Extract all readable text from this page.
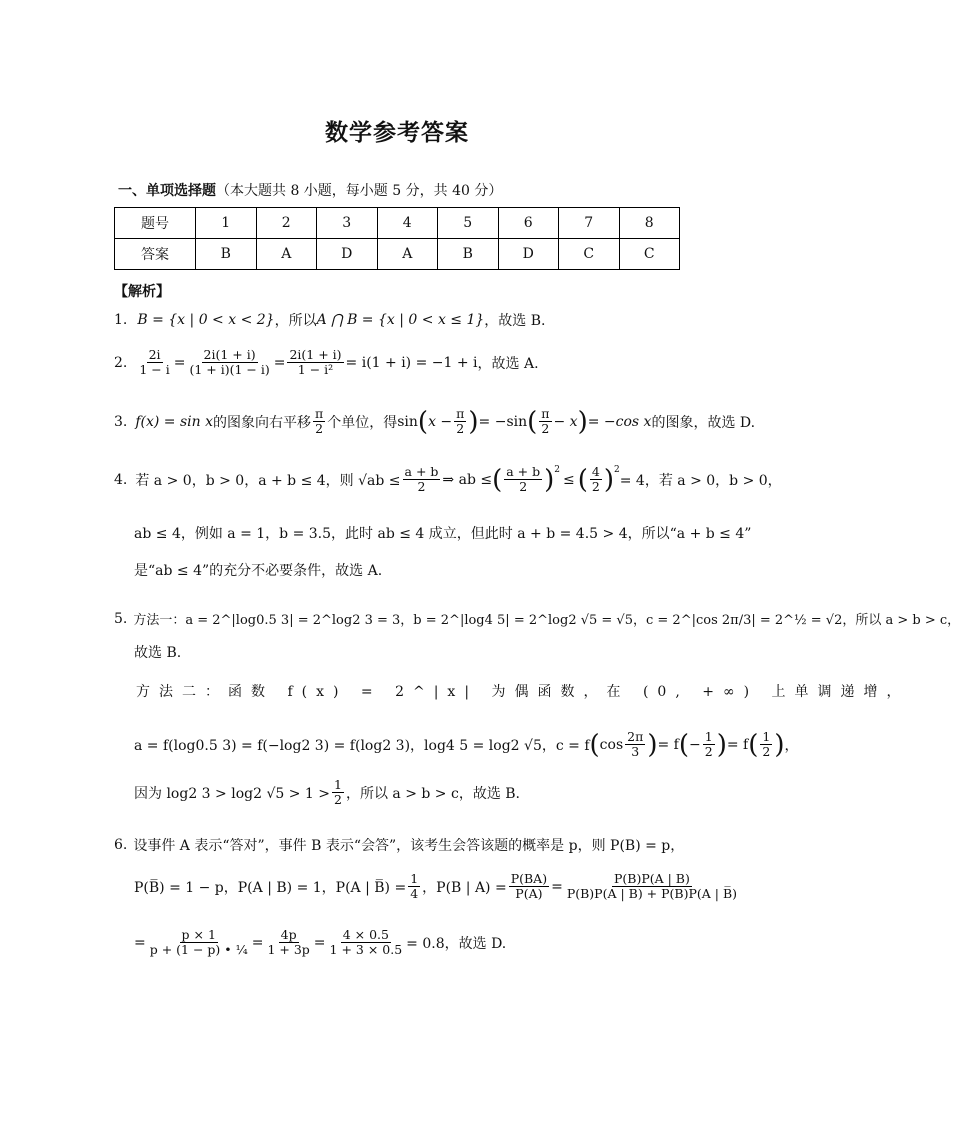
数学参考答案
一、单项选择题（本大题共 8 小题，每小题 5 分，共 40 分）
题号	1	2	3	4	5	6	7	8
答案	B	A	D	A	B	D	C	C
【解析】
1. B = {x | 0 < x < 2} ，所以 A ⋂ B = {x | 0 < x ≤ 1} ，故选 B.
2. $\frac{2i}{1 - i} = \frac{2i(1 + i)}{(1 + i)(1 - i)} = \frac{2i(1 + i)}{\text{1 − i²}} = i(1 + i) = -1 + i$ ，故选 A.
3. f(x) = sin x 的图象向右平移 $\frac{\pi}{2}$ 个单位，得 sin ( $x - \frac{\pi}{2}$ ) = −sin ( $\frac{\pi}{2} - x$ ) = −cos x 的图象，故选 D.
4. 若 a > 0，b > 0，a + b ≤ 4，则 $√ab \le \frac{a + b}{2}$ ⇒ ab ≤ ( $\frac{a + b}{2} )^2$
≤ ( $\frac{4}{2} )^2$
= 4，若 a > 0，b > 0，
ab ≤ 4，例如 a = 1，b = 3.5，此时 ab ≤ 4 成立，但此时 a + b = 4.5 > 4，所以“a + b ≤ 4”
是“ab ≤ 4”的充分不必要条件，故选 A.
5. 方法一：a = 2^|log0.5 3| = 2^log2 3 = 3，b = 2^|log4 5| = 2^log2 √5 = √5，c = 2^|cos 2π/3| = 2^½ = √2，所以 a > b > c，
故选 B.
方法二：函数 f(x) = 2^|x| 为偶函数，在 (0, +∞) 上单调递增，
a = f(log0.5 3) = f(−log2 3) = f(log2 3)，log4 5 = log2 √5，c = f ( $\cos \frac{2\pi}{3}$ ) = f ( − $\frac{1}{2}$ ) = f ( $\frac{1}{2}$ ) ，
因为 log2 3 > log2 $√5 > 1 > \frac{1}{2}$ ，所以 a > b > c，故选 B.
6. 设事件 A 表示“答对”，事件 B 表示“会答”，该考生会答该题的概率是 p，则 P(B) = p，
P(B̅) = 1 − p，P(A | B) = 1，P(A | B̅) = $\frac{1}{4}$ ，P(B | $A) = \frac{P(BA)}{P(A)} = \frac{P(B)P(A | B)}{P(B)P(A | B) + P(B̅)P(A | B̅)}$
= $\frac{p \times 1}{\text{p + (1 − p) • ¼}} = \frac{4p}{1 + 3p} = \frac{4 \times 0.5}{1 + 3 \times 0.5} = 0.8$，故选 D.
